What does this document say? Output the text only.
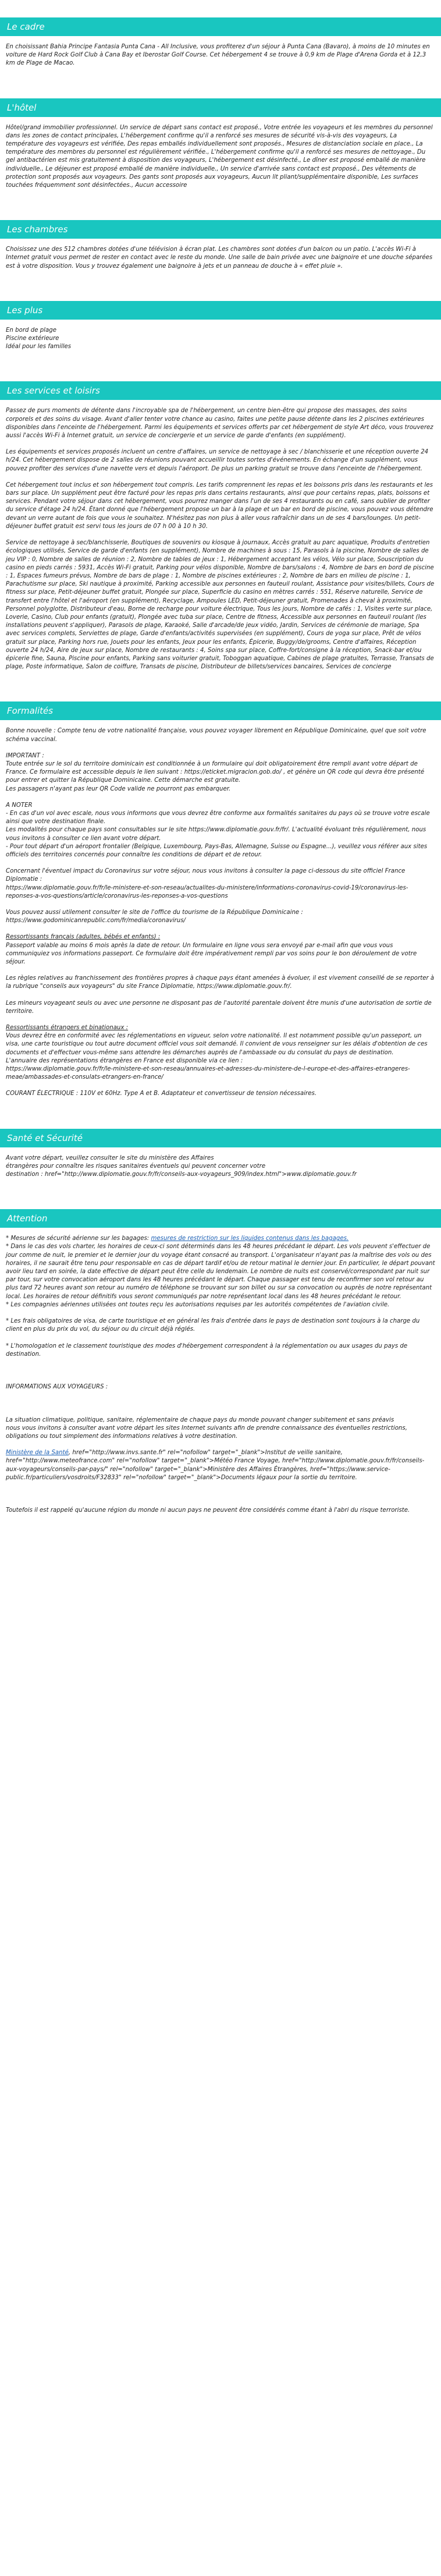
Le cadre

En choisissant Bahia Principe Fantasia Punta Cana - All Inclusive, vous profiterez d'un séjour à Punta Cana (Bavaro), à moins de 10 minutes en voiture de Hard Rock Golf Club à Cana Bay et Iberostar Golf Course. Cet hébergement 4 se trouve à 0,9 km de Plage d'Arena Gorda et à 12,3 km de Plage de Macao.

L'hôtel

Hôtel/grand immobilier professionnel. Un service de départ sans contact est proposé., Votre entrée les voyageurs et les membres du personnel dans les zones de contact principales, L'hébergement confirme qu'il a renforcé ses mesures de sécurité vis-à-vis des voyageurs, La température des voyageurs est vérifiée, Des repas emballés individuellement sont proposés., Mesures de distanciation sociale en place., La température des membres du personnel est régulièrement vérifiée., L'hébergement confirme qu'il a renforcé ses mesures de nettoyage., Du gel antibactérien est mis gratuitement à disposition des voyageurs, L'hébergement est désinfecté., Le dîner est proposé emballé de manière individuelle., Le déjeuner est proposé emballé de manière individuelle., Un service d'arrivée sans contact est proposé., Des vêtements de protection sont proposés aux voyageurs. Des gants sont proposés aux voyageurs, Aucun lit pliant/supplémentaire disponible, Les surfaces touchées fréquemment sont désinfectées., Aucun accessoire

Les chambres

Choisissez une des 512 chambres dotées d'une télévision à écran plat. Les chambres sont dotées d'un balcon ou un patio. L'accès Wi-Fi à Internet gratuit vous permet de rester en contact avec le reste du monde. Une salle de bain privée avec une baignoire et une douche séparées est à votre disposition. Vous y trouvez également une baignoire à jets et un panneau de douche à « effet pluie ».

Les plus
En bord de plage
Piscine extérieure
Idéal pour les familles
Les services et loisirs

Passez de purs moments de détente dans l'incroyable spa de l'hébergement, un centre bien-être qui propose des massages, des soins corporels et des soins du visage. Avant d'aller tenter votre chance au casino, faites une petite pause détente dans les 2 piscines extérieures disponibles dans l'enceinte de l'hébergement. Parmi les équipements et services offerts par cet hébergement de style Art déco, vous trouverez aussi l'accès Wi-Fi à Internet gratuit, un service de conciergerie et un service de garde d'enfants (en supplément).

Les équipements et services proposés incluent un centre d'affaires, un service de nettoyage à sec / blanchisserie et une réception ouverte 24 h/24. Cet hébergement dispose de 2 salles de réunions pouvant accueillir toutes sortes d'événements. En échange d'un supplément, vous pouvez profiter des services d'une navette vers et depuis l'aéroport. De plus un parking gratuit se trouve dans l'enceinte de l'hébergement.

Cet hébergement tout inclus et son hébergement tout compris. Les tarifs comprennent les repas et les boissons pris dans les restaurants et les bars sur place. Un supplément peut être facturé pour les repas pris dans certains restaurants, ainsi que pour certains repas, plats, boissons et services. Pendant votre séjour dans cet hébergement, vous pourrez manger dans l'un de ses 4 restaurants ou en café, sans oublier de profiter du service d'étage 24 h/24. Étant donné que l'hébergement propose un bar à la plage et un bar en bord de piscine, vous pouvez vous détendre devant un verre autant de fois que vous le souhaitez. N'hésitez pas non plus à aller vous rafraîchir dans un de ses 4 bars/lounges. Un petit-déjeuner buffet gratuit est servi tous les jours de 07 h 00 à 10 h 30.

Service de nettoyage à sec/blanchisserie, Boutiques de souvenirs ou kiosque à journaux, Accès gratuit au parc aquatique, Produits d'entretien écologiques utilisés, Service de garde d'enfants (en supplément), Nombre de machines à sous : 15, Parasols à la piscine, Nombre de salles de jeu VIP : 0, Nombre de salles de réunion : 2, Nombre de tables de jeux : 1, Hébergement acceptant les vélos, Vélo sur place, Souscription du casino en pieds carrés : 5931, Accès Wi-Fi gratuit, Parking pour vélos disponible, Nombre de bars/salons : 4, Nombre de bars en bord de piscine : 1, Espaces fumeurs prévus, Nombre de bars de plage : 1, Nombre de piscines extérieures : 2, Nombre de bars en milieu de piscine : 1, Parachutisme sur place, Ski nautique à proximité, Parking accessible aux personnes en fauteuil roulant, Assistance pour visites/billets, Cours de fitness sur place, Petit-déjeuner buffet gratuit, Plongée sur place, Superficie du casino en mètres carrés : 551, Réserve naturelle, Service de transfert entre l'hôtel et l'aéroport (en supplément), Recyclage, Ampoules LED, Petit-déjeuner gratuit, Promenades à cheval à proximité, Personnel polyglotte, Distributeur d'eau, Borne de recharge pour voiture électrique, Tous les jours, Nombre de cafés : 1, Visites verte sur place, Loverie, Casino, Club pour enfants (gratuit), Plongée avec tuba sur place, Centre de fitness, Accessible aux personnes en fauteuil roulant (les installations peuvent s'appliquer), Parasols de plage, Karaoké, Salle d'arcade/de jeux vidéo, Jardin, Services de cérémonie de mariage, Spa avec services complets, Serviettes de plage, Garde d'enfants/activités supervisées (en supplément), Cours de yoga sur place, Prêt de vélos gratuit sur place, Parking hors rue, Jouets pour les enfants, Jeux pour les enfants, Épicerie, Buggy/de/grooms, Centre d'affaires, Réception ouverte 24 h/24, Aire de jeux sur place, Nombre de restaurants : 4, Soins spa sur place, Coffre-fort/consigne à la réception, Snack-bar et/ou épicerie fine, Sauna, Piscine pour enfants, Parking sans voiturier gratuit, Toboggan aquatique, Cabines de plage gratuites, Terrasse, Transats de plage, Poste informatique, Salon de coiffure, Transats de piscine, Distributeur de billets/services bancaires, Services de concierge

Formalités

Bonne nouvelle : Compte tenu de votre nationalité française, vous pouvez voyager librement en République Dominicaine, quel que soit votre schéma vaccinal.

IMPORTANT :
Toute entrée sur le sol du territoire dominicain est conditionnée à un formulaire qui doit obligatoirement être rempli avant votre départ de France. Ce formulaire est accessible depuis le lien suivant : https://eticket.migracion.gob.do/ , et génère un QR code qui devra être présenté pour entrer et quitter la République Dominicaine. Cette démarche est gratuite.
Les passagers n'ayant pas leur QR Code valide ne pourront pas embarquer.

A NOTER
- En cas d'un vol avec escale, nous vous informons que vous devrez être conforme aux formalités sanitaires du pays où se trouve votre escale ainsi que votre destination finale.
Les modalités pour chaque pays sont consultables sur le site https://www.diplomatie.gouv.fr/fr/. L'actualité évoluant très régulièrement, nous vous invitons à consulter ce lien avant votre départ.
- Pour tout départ d'un aéroport frontalier (Belgique, Luxembourg, Pays-Bas, Allemagne, Suisse ou Espagne...), veuillez vous référer aux sites officiels des territoires concernés pour connaître les conditions de départ et de retour.

Concernant l'éventuel impact du Coronavirus sur votre séjour, nous vous invitons à consulter la page ci-dessous du site officiel France Diplomatie :
https://www.diplomatie.gouv.fr/fr/le-ministere-et-son-reseau/actualites-du-ministere/informations-coronavirus-covid-19/coronavirus-les-reponses-a-vos-questions/article/coronavirus-les-reponses-a-vos-questions

Vous pouvez aussi utilement consulter le site de l'office du tourisme de la République Dominicaine :
https://www.godominicanrepublic.com/fr/media/coronavirus/

Ressortissants français (adultes, bébés et enfants) :
Passeport valable au moins 6 mois après la date de retour. Un formulaire en ligne vous sera envoyé par e-mail afin que vous vous communiquiez vos informations passeport. Ce formulaire doit être impérativement rempli par vos soins pour le bon déroulement de votre séjour.

Les règles relatives au franchissement des frontières propres à chaque pays étant amenées à évoluer, il est vivement conseillé de se reporter à la rubrique "conseils aux voyageurs" du site France Diplomatie, https://www.diplomatie.gouv.fr/.

Les mineurs voyageant seuls ou avec une personne ne disposant pas de l'autorité parentale doivent être munis d'une autorisation de sortie de territoire.

Ressortissants étrangers et binationaux :
Vous devrez être en conformité avec les réglementations en vigueur, selon votre nationalité. Il est notamment possible qu'un passeport, un visa, une carte touristique ou tout autre document officiel vous soit demandé. Il convient de vous renseigner sur les délais d'obtention de ces documents et d'effectuer vous-même sans attendre les démarches auprès de l'ambassade ou du consulat du pays de destination.
L'annuaire des représentations étrangères en France est disponible via ce lien :
https://www.diplomatie.gouv.fr/fr/le-ministere-et-son-reseau/annuaires-et-adresses-du-ministere-de-l-europe-et-des-affaires-etrangeres-meae/ambassades-et-consulats-etrangers-en-france/

COURANT ÉLECTRIQUE : 110V et 60Hz. Type A et B. Adaptateur et convertisseur de tension nécessaires.

Santé et Sécurité

Avant votre départ, veuillez consulter le site du ministère des Affaires
étrangères pour connaître les risques sanitaires éventuels qui peuvent concerner votre
destination : href="http://www.diplomatie.gouv.fr/fr/conseils-aux-voyageurs_909/index.html">www.diplomatie.gouv.fr

Attention

* Mesures de sécurité aérienne sur les bagages: mesures de restriction sur les liquides contenus dans les bagages.
* Dans le cas des vols charter, les horaires de ceux-ci sont déterminés dans les 48 heures précédant le départ. Les vols peuvent s'effectuer de jour comme de nuit, le premier et le dernier jour du voyage étant consacré au transport. L'organisateur n'ayant pas la maîtrise des vols ou des horaires, il ne saurait être tenu pour responsable en cas de départ tardif et/ou de retour matinal le dernier jour. En particulier, le départ pouvant avoir lieu tard en soirée, la date effective de départ peut être celle du lendemain. Le nombre de nuits est conservé/correspondant par nuit sur par tour, sur votre convocation aéroport dans les 48 heures précédant le départ. Chaque passager est tenu de reconfirmer son vol retour au plus tard 72 heures avant son retour au numéro de téléphone se trouvant sur son billet ou sur sa convocation ou auprès de notre représentant local. Les horaires de retour définitifs vous seront communiqués par notre représentant local dans les 48 heures précédant le retour.
* Les compagnies aériennes utilisées ont toutes reçu les autorisations requises par les autorités compétentes de l'aviation civile.

* Les frais obligatoires de visa, de carte touristique et en général les frais d'entrée dans le pays de destination sont toujours à la charge du client en plus du prix du vol, du séjour ou du circuit déjà réglés.

* L'homologation et le classement touristique des modes d'hébergement correspondent à la réglementation ou aux usages du pays de destination.

INFORMATIONS AUX VOYAGEURS :

La situation climatique, politique, sanitaire, réglementaire de chaque pays du monde pouvant changer subitement et sans préavis
nous vous invitons à consulter avant votre départ les sites Internet suivants afin de prendre connaissance des éventuelles restrictions, obligations ou tout simplement des informations relatives à votre destination.

Ministère de la Santé, href="http://www.invs.sante.fr" rel="nofollow" target="_blank">Institut de veille sanitaire, href="http://www.meteofrance.com" rel="nofollow" target="_blank">Météo France Voyage, href="http://www.diplomatie.gouv.fr/fr/conseils-aux-voyageurs/conseils-par-pays/" rel="nofollow" target="_blank">Ministère des Affaires Étrangères, href="https://www.service-public.fr/particuliers/vosdroits/F32833" rel="nofollow" target="_blank">Documents légaux pour la sortie du territoire.

Toutefois il est rappelé qu'aucune région du monde ni aucun pays ne peuvent être considérés comme étant à l'abri du risque terroriste.
